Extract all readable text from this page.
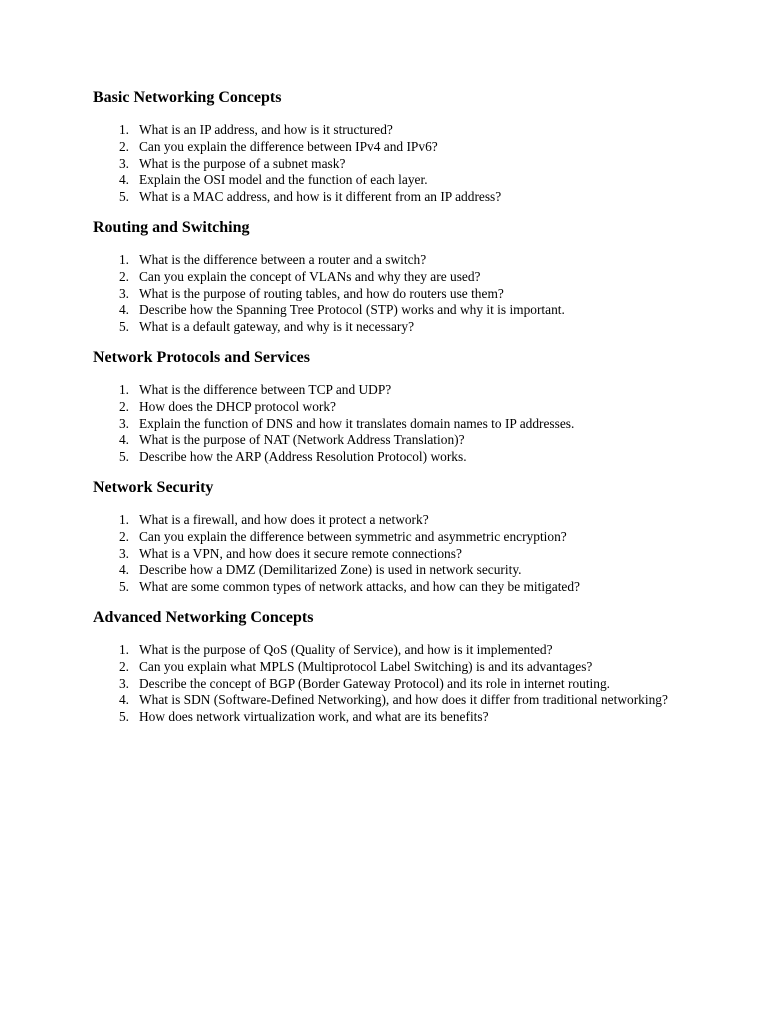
Basic Networking Concepts
1. What is an IP address, and how is it structured?
2. Can you explain the difference between IPv4 and IPv6?
3. What is the purpose of a subnet mask?
4. Explain the OSI model and the function of each layer.
5. What is a MAC address, and how is it different from an IP address?
Routing and Switching
1. What is the difference between a router and a switch?
2. Can you explain the concept of VLANs and why they are used?
3. What is the purpose of routing tables, and how do routers use them?
4. Describe how the Spanning Tree Protocol (STP) works and why it is important.
5. What is a default gateway, and why is it necessary?
Network Protocols and Services
1. What is the difference between TCP and UDP?
2. How does the DHCP protocol work?
3. Explain the function of DNS and how it translates domain names to IP addresses.
4. What is the purpose of NAT (Network Address Translation)?
5. Describe how the ARP (Address Resolution Protocol) works.
Network Security
1. What is a firewall, and how does it protect a network?
2. Can you explain the difference between symmetric and asymmetric encryption?
3. What is a VPN, and how does it secure remote connections?
4. Describe how a DMZ (Demilitarized Zone) is used in network security.
5. What are some common types of network attacks, and how can they be mitigated?
Advanced Networking Concepts
1. What is the purpose of QoS (Quality of Service), and how is it implemented?
2. Can you explain what MPLS (Multiprotocol Label Switching) is and its advantages?
3. Describe the concept of BGP (Border Gateway Protocol) and its role in internet routing.
4. What is SDN (Software-Defined Networking), and how does it differ from traditional networking?
5. How does network virtualization work, and what are its benefits?
